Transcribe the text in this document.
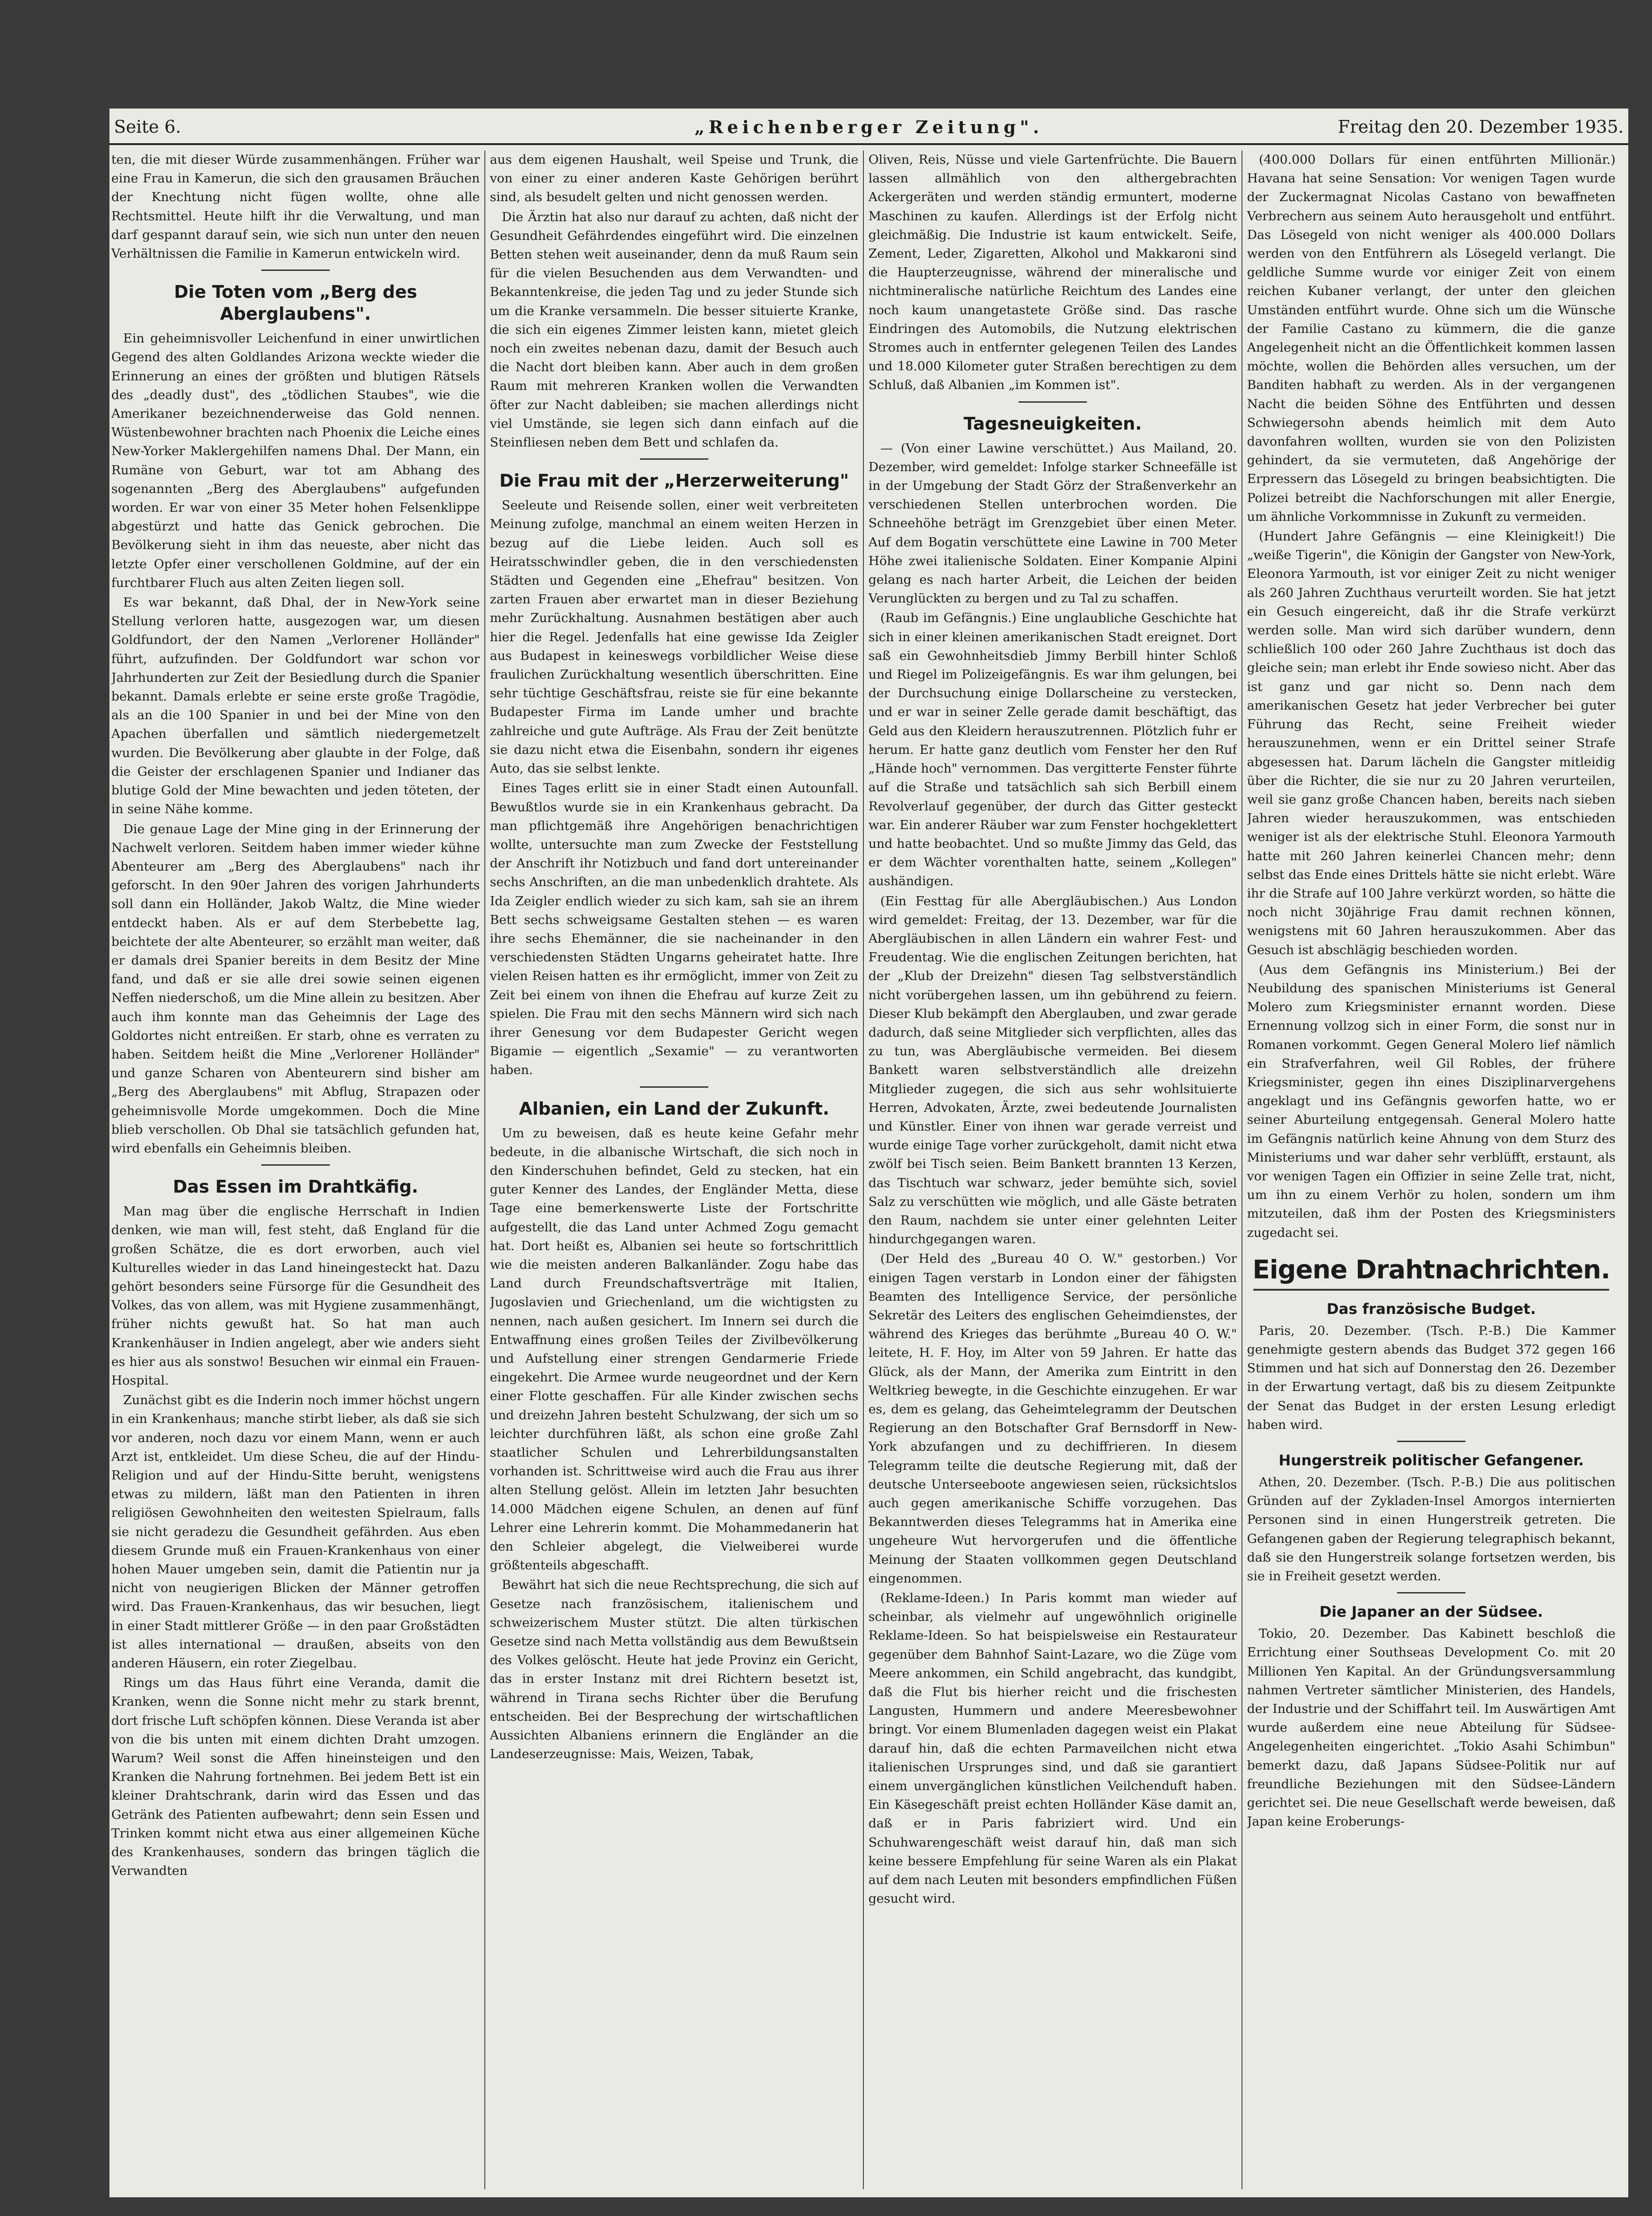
Seite 6.	„Reichenberger Zeitung".	Freitag den 20. Dezember 1935.

ten, die mit dieser Würde zusammenhängen. Früher war eine Frau in Kamerun, die sich den grausamen Bräuchen der Knechtung nicht fügen wollte, ohne alle Rechtsmittel. Heute hilft ihr die Verwaltung, und man darf gespannt darauf sein, wie sich nun unter den neuen Verhältnissen die Familie in Kamerun entwickeln wird.

Die Toten vom „Berg des Aberglaubens".

Ein geheimnisvoller Leichenfund in einer unwirtlichen Gegend des alten Goldlandes Arizona weckte wieder die Erinnerung an eines der größten und blutigen Rätsels des „deadly dust", des „tödlichen Staubes", wie die Amerikaner bezeichnenderweise das Gold nennen. Wüstenbewohner brachten nach Phoenix die Leiche eines New-Yorker Maklergehilfen namens Dhal. Der Mann, ein Rumäne von Geburt, war tot am Abhang des sogenannten „Berg des Aberglaubens" aufgefunden worden. Er war von einer 35 Meter hohen Felsenklippe abgestürzt und hatte das Genick gebrochen. Die Bevölkerung sieht in ihm das neueste, aber nicht das letzte Opfer einer verschollenen Goldmine, auf der ein furchtbarer Fluch aus alten Zeiten liegen soll.

Es war bekannt, daß Dhal, der in New-York seine Stellung verloren hatte, ausgezogen war, um diesen Goldfundort, der den Namen „Verlorener Holländer" führt, aufzufinden. Der Goldfundort war schon vor Jahrhunderten zur Zeit der Besiedlung durch die Spanier bekannt. Damals erlebte er seine erste große Tragödie, als an die 100 Spanier in und bei der Mine von den Apachen überfallen und sämtlich niedergemetzelt wurden. Die Bevölkerung aber glaubte in der Folge, daß die Geister der erschlagenen Spanier und Indianer das blutige Gold der Mine bewachten und jeden töteten, der in seine Nähe komme.

Die genaue Lage der Mine ging in der Erinnerung der Nachwelt verloren. Seitdem haben immer wieder kühne Abenteurer am „Berg des Aberglaubens" nach ihr geforscht. In den 90er Jahren des vorigen Jahrhunderts soll dann ein Holländer, Jakob Waltz, die Mine wieder entdeckt haben. Als er auf dem Sterbebette lag, beichtete der alte Abenteurer, so erzählt man weiter, daß er damals drei Spanier bereits in dem Besitz der Mine fand, und daß er sie alle drei sowie seinen eigenen Neffen niederschoß, um die Mine allein zu besitzen. Aber auch ihm konnte man das Geheimnis der Lage des Goldortes nicht entreißen. Er starb, ohne es verraten zu haben. Seitdem heißt die Mine „Verlorener Holländer" und ganze Scharen von Abenteurern sind bisher am „Berg des Aberglaubens" mit Abflug, Strapazen oder geheimnisvolle Morde umgekommen. Doch die Mine blieb verschollen. Ob Dhal sie tatsächlich gefunden hat, wird ebenfalls ein Geheimnis bleiben.

Das Essen im Drahtkäfig.

Man mag über die englische Herrschaft in Indien denken, wie man will, fest steht, daß England für die großen Schätze, die es dort erworben, auch viel Kulturelles wieder in das Land hineingesteckt hat. Dazu gehört besonders seine Fürsorge für die Gesundheit des Volkes, das von allem, was mit Hygiene zusammenhängt, früher nichts gewußt hat. So hat man auch Krankenhäuser in Indien angelegt, aber wie anders sieht es hier aus als sonstwo! Besuchen wir einmal ein Frauen-Hospital.

Zunächst gibt es die Inderin noch immer höchst ungern in ein Krankenhaus; manche stirbt lieber, als daß sie sich vor anderen, noch dazu vor einem Mann, wenn er auch Arzt ist, entkleidet. Um diese Scheu, die auf der Hindu-Religion und auf der Hindu-Sitte beruht, wenigstens etwas zu mildern, läßt man den Patienten in ihren religiösen Gewohnheiten den weitesten Spielraum, falls sie nicht geradezu die Gesundheit gefährden. Aus eben diesem Grunde muß ein Frauen-Krankenhaus von einer hohen Mauer umgeben sein, damit die Patientin nur ja nicht von neugierigen Blicken der Männer getroffen wird. Das Frauen-Krankenhaus, das wir besuchen, liegt in einer Stadt mittlerer Größe — in den paar Großstädten ist alles international — draußen, abseits von den anderen Häusern, ein roter Ziegelbau.

Rings um das Haus führt eine Veranda, damit die Kranken, wenn die Sonne nicht mehr zu stark brennt, dort frische Luft schöpfen können. Diese Veranda ist aber von die bis unten mit einem dichten Draht umzogen. Warum? Weil sonst die Affen hineinsteigen und den Kranken die Nahrung fortnehmen. Bei jedem Bett ist ein kleiner Drahtschrank, darin wird das Essen und das Getränk des Patienten aufbewahrt; denn sein Essen und Trinken kommt nicht etwa aus einer allgemeinen Küche des Krankenhauses, sondern das bringen täglich die Verwandten

aus dem eigenen Haushalt, weil Speise und Trunk, die von einer zu einer anderen Kaste Gehörigen berührt sind, als besudelt gelten und nicht genossen werden.

Die Ärztin hat also nur darauf zu achten, daß nicht der Gesundheit Gefährdendes eingeführt wird. Die einzelnen Betten stehen weit auseinander, denn da muß Raum sein für die vielen Besuchenden aus dem Verwandten- und Bekanntenkreise, die jeden Tag und zu jeder Stunde sich um die Kranke versammeln. Die besser situierte Kranke, die sich ein eigenes Zimmer leisten kann, mietet gleich noch ein zweites nebenan dazu, damit der Besuch auch die Nacht dort bleiben kann. Aber auch in dem großen Raum mit mehreren Kranken wollen die Verwandten öfter zur Nacht dableiben; sie machen allerdings nicht viel Umstände, sie legen sich dann einfach auf die Steinfliesen neben dem Bett und schlafen da.

Die Frau mit der „Herzerweiterung"

Seeleute und Reisende sollen, einer weit verbreiteten Meinung zufolge, manchmal an einem weiten Herzen in bezug auf die Liebe leiden. Auch soll es Heiratsschwindler geben, die in den verschiedensten Städten und Gegenden eine „Ehefrau" besitzen. Von zarten Frauen aber erwartet man in dieser Beziehung mehr Zurückhaltung. Ausnahmen bestätigen aber auch hier die Regel. Jedenfalls hat eine gewisse Ida Zeigler aus Budapest in keineswegs vorbildlicher Weise diese fraulichen Zurückhaltung wesentlich überschritten. Eine sehr tüchtige Geschäftsfrau, reiste sie für eine bekannte Budapester Firma im Lande umher und brachte zahlreiche und gute Aufträge. Als Frau der Zeit benützte sie dazu nicht etwa die Eisenbahn, sondern ihr eigenes Auto, das sie selbst lenkte.

Eines Tages erlitt sie in einer Stadt einen Autounfall. Bewußtlos wurde sie in ein Krankenhaus gebracht. Da man pflichtgemäß ihre Angehörigen benachrichtigen wollte, untersuchte man zum Zwecke der Feststellung der Anschrift ihr Notizbuch und fand dort untereinander sechs Anschriften, an die man unbedenklich drahtete. Als Ida Zeigler endlich wieder zu sich kam, sah sie an ihrem Bett sechs schweigsame Gestalten stehen — es waren ihre sechs Ehemänner, die sie nacheinander in den verschiedensten Städten Ungarns geheiratet hatte. Ihre vielen Reisen hatten es ihr ermöglicht, immer von Zeit zu Zeit bei einem von ihnen die Ehefrau auf kurze Zeit zu spielen. Die Frau mit den sechs Männern wird sich nach ihrer Genesung vor dem Budapester Gericht wegen Bigamie — eigentlich „Sexamie" — zu verantworten haben.

Albanien, ein Land der Zukunft.

Um zu beweisen, daß es heute keine Gefahr mehr bedeute, in die albanische Wirtschaft, die sich noch in den Kinderschuhen befindet, Geld zu stecken, hat ein guter Kenner des Landes, der Engländer Metta, diese Tage eine bemerkenswerte Liste der Fortschritte aufgestellt, die das Land unter Achmed Zogu gemacht hat. Dort heißt es, Albanien sei heute so fortschrittlich wie die meisten anderen Balkanländer. Zogu habe das Land durch Freundschaftsverträge mit Italien, Jugoslavien und Griechenland, um die wichtigsten zu nennen, nach außen gesichert. Im Innern sei durch die Entwaffnung eines großen Teiles der Zivilbevölkerung und Aufstellung einer strengen Gendarmerie Friede eingekehrt. Die Armee wurde neugeordnet und der Kern einer Flotte geschaffen. Für alle Kinder zwischen sechs und dreizehn Jahren besteht Schulzwang, der sich um so leichter durchführen läßt, als schon eine große Zahl staatlicher Schulen und Lehrerbildungsanstalten vorhanden ist. Schrittweise wird auch die Frau aus ihrer alten Stellung gelöst. Allein im letzten Jahr besuchten 14.000 Mädchen eigene Schulen, an denen auf fünf Lehrer eine Lehrerin kommt. Die Mohammedanerin hat den Schleier abgelegt, die Vielweiberei wurde größtenteils abgeschafft.

Bewährt hat sich die neue Rechtsprechung, die sich auf Gesetze nach französischem, italienischem und schweizerischem Muster stützt. Die alten türkischen Gesetze sind nach Metta vollständig aus dem Bewußtsein des Volkes gelöscht. Heute hat jede Provinz ein Gericht, das in erster Instanz mit drei Richtern besetzt ist, während in Tirana sechs Richter über die Berufung entscheiden. Bei der Besprechung der wirtschaftlichen Aussichten Albaniens erinnern die Engländer an die Landeserzeugnisse: Mais, Weizen, Tabak,

Oliven, Reis, Nüsse und viele Gartenfrüchte. Die Bauern lassen allmählich von den althergebrachten Ackergeräten und werden ständig ermuntert, moderne Maschinen zu kaufen. Allerdings ist der Erfolg nicht gleichmäßig. Die Industrie ist kaum entwickelt. Seife, Zement, Leder, Zigaretten, Alkohol und Makkaroni sind die Haupterzeugnisse, während der mineralische und nichtmineralische natürliche Reichtum des Landes eine noch kaum unangetastete Größe sind. Das rasche Eindringen des Automobils, die Nutzung elektrischen Stromes auch in entfernter gelegenen Teilen des Landes und 18.000 Kilometer guter Straßen berechtigen zu dem Schluß, daß Albanien „im Kommen ist".

Tagesneuigkeiten.

— (Von einer Lawine verschüttet.) Aus Mailand, 20. Dezember, wird gemeldet: Infolge starker Schneefälle ist in der Umgebung der Stadt Görz der Straßenverkehr an verschiedenen Stellen unterbrochen worden. Die Schneehöhe beträgt im Grenzgebiet über einen Meter. Auf dem Bogatin verschüttete eine Lawine in 700 Meter Höhe zwei italienische Soldaten. Einer Kompanie Alpini gelang es nach harter Arbeit, die Leichen der beiden Verunglückten zu bergen und zu Tal zu schaffen.

(Raub im Gefängnis.) Eine unglaubliche Geschichte hat sich in einer kleinen amerikanischen Stadt ereignet. Dort saß ein Gewohnheitsdieb Jimmy Berbill hinter Schloß und Riegel im Polizeigefängnis. Es war ihm gelungen, bei der Durchsuchung einige Dollarscheine zu verstecken, und er war in seiner Zelle gerade damit beschäftigt, das Geld aus den Kleidern herauszutrennen. Plötzlich fuhr er herum. Er hatte ganz deutlich vom Fenster her den Ruf „Hände hoch" vernommen. Das vergitterte Fenster führte auf die Straße und tatsächlich sah sich Berbill einem Revolverlauf gegenüber, der durch das Gitter gesteckt war. Ein anderer Räuber war zum Fenster hochgeklettert und hatte beobachtet. Und so mußte Jimmy das Geld, das er dem Wächter vorenthalten hatte, seinem „Kollegen" aushändigen.

(Ein Festtag für alle Abergläubischen.) Aus London wird gemeldet: Freitag, der 13. Dezember, war für die Abergläubischen in allen Ländern ein wahrer Fest- und Freudentag. Wie die englischen Zeitungen berichten, hat der „Klub der Dreizehn" diesen Tag selbstverständlich nicht vorübergehen lassen, um ihn gebührend zu feiern. Dieser Klub bekämpft den Aberglauben, und zwar gerade dadurch, daß seine Mitglieder sich verpflichten, alles das zu tun, was Abergläubische vermeiden. Bei diesem Bankett waren selbstverständlich alle dreizehn Mitglieder zugegen, die sich aus sehr wohlsituierte Herren, Advokaten, Ärzte, zwei bedeutende Journalisten und Künstler. Einer von ihnen war gerade verreist und wurde einige Tage vorher zurückgeholt, damit nicht etwa zwölf bei Tisch seien. Beim Bankett brannten 13 Kerzen, das Tischtuch war schwarz, jeder bemühte sich, soviel Salz zu verschütten wie möglich, und alle Gäste betraten den Raum, nachdem sie unter einer gelehnten Leiter hindurchgegangen waren.

(Der Held des „Bureau 40 O. W." gestorben.) Vor einigen Tagen verstarb in London einer der fähigsten Beamten des Intelligence Service, der persönliche Sekretär des Leiters des englischen Geheimdienstes, der während des Krieges das berühmte „Bureau 40 O. W." leitete, H. F. Hoy, im Alter von 59 Jahren. Er hatte das Glück, als der Mann, der Amerika zum Eintritt in den Weltkrieg bewegte, in die Geschichte einzugehen. Er war es, dem es gelang, das Geheimtelegramm der Deutschen Regierung an den Botschafter Graf Bernsdorff in New-York abzufangen und zu dechiffrieren. In diesem Telegramm teilte die deutsche Regierung mit, daß der deutsche Unterseeboote angewiesen seien, rücksichtslos auch gegen amerikanische Schiffe vorzugehen. Das Bekanntwerden dieses Telegramms hat in Amerika eine ungeheure Wut hervorgerufen und die öffentliche Meinung der Staaten vollkommen gegen Deutschland eingenommen.

(Reklame-Ideen.) In Paris kommt man wieder auf scheinbar, als vielmehr auf ungewöhnlich originelle Reklame-Ideen. So hat beispielsweise ein Restaurateur gegenüber dem Bahnhof Saint-Lazare, wo die Züge vom Meere ankommen, ein Schild angebracht, das kundgibt, daß die Flut bis hierher reicht und die frischesten Langusten, Hummern und andere Meeresbewohner bringt. Vor einem Blumenladen dagegen weist ein Plakat darauf hin, daß die echten Parmaveilchen nicht etwa italienischen Ursprunges sind, und daß sie garantiert einem unvergänglichen künstlichen Veilchenduft haben. Ein Käsegeschäft preist echten Holländer Käse damit an, daß er in Paris fabriziert wird. Und ein Schuhwarengeschäft weist darauf hin, daß man sich keine bessere Empfehlung für seine Waren als ein Plakat auf dem nach Leuten mit besonders empfindlichen Füßen gesucht wird.

(400.000 Dollars für einen entführten Millionär.) Havana hat seine Sensation: Vor wenigen Tagen wurde der Zuckermagnat Nicolas Castano von bewaffneten Verbrechern aus seinem Auto herausgeholt und entführt. Das Lösegeld von nicht weniger als 400.000 Dollars werden von den Entführern als Lösegeld verlangt. Die geldliche Summe wurde vor einiger Zeit von einem reichen Kubaner verlangt, der unter den gleichen Umständen entführt wurde. Ohne sich um die Wünsche der Familie Castano zu kümmern, die die ganze Angelegenheit nicht an die Öffentlichkeit kommen lassen möchte, wollen die Behörden alles versuchen, um der Banditen habhaft zu werden. Als in der vergangenen Nacht die beiden Söhne des Entführten und dessen Schwiegersohn abends heimlich mit dem Auto davonfahren wollten, wurden sie von den Polizisten gehindert, da sie vermuteten, daß Angehörige der Erpressern das Lösegeld zu bringen beabsichtigten. Die Polizei betreibt die Nachforschungen mit aller Energie, um ähnliche Vorkommnisse in Zukunft zu vermeiden.

(Hundert Jahre Gefängnis — eine Kleinigkeit!) Die „weiße Tigerin", die Königin der Gangster von New-York, Eleonora Yarmouth, ist vor einiger Zeit zu nicht weniger als 260 Jahren Zuchthaus verurteilt worden. Sie hat jetzt ein Gesuch eingereicht, daß ihr die Strafe verkürzt werden solle. Man wird sich darüber wundern, denn schließlich 100 oder 260 Jahre Zuchthaus ist doch das gleiche sein; man erlebt ihr Ende sowieso nicht. Aber das ist ganz und gar nicht so. Denn nach dem amerikanischen Gesetz hat jeder Verbrecher bei guter Führung das Recht, seine Freiheit wieder herauszunehmen, wenn er ein Drittel seiner Strafe abgesessen hat. Darum lächeln die Gangster mitleidig über die Richter, die sie nur zu 20 Jahren verurteilen, weil sie ganz große Chancen haben, bereits nach sieben Jahren wieder herauszukommen, was entschieden weniger ist als der elektrische Stuhl. Eleonora Yarmouth hatte mit 260 Jahren keinerlei Chancen mehr; denn selbst das Ende eines Drittels hätte sie nicht erlebt. Wäre ihr die Strafe auf 100 Jahre verkürzt worden, so hätte die noch nicht 30jährige Frau damit rechnen können, wenigstens mit 60 Jahren herauszukommen. Aber das Gesuch ist abschlägig beschieden worden.

(Aus dem Gefängnis ins Ministerium.) Bei der Neubildung des spanischen Ministeriums ist General Molero zum Kriegsminister ernannt worden. Diese Ernennung vollzog sich in einer Form, die sonst nur in Romanen vorkommt. Gegen General Molero lief nämlich ein Strafverfahren, weil Gil Robles, der frühere Kriegsminister, gegen ihn eines Disziplinarvergehens angeklagt und ins Gefängnis geworfen hatte, wo er seiner Aburteilung entgegensah. General Molero hatte im Gefängnis natürlich keine Ahnung von dem Sturz des Ministeriums und war daher sehr verblüfft, erstaunt, als vor wenigen Tagen ein Offizier in seine Zelle trat, nicht, um ihn zu einem Verhör zu holen, sondern um ihm mitzuteilen, daß ihm der Posten des Kriegsministers zugedacht sei.

Eigene Drahtnachrichten.
Das französische Budget.

Paris, 20. Dezember. (Tsch. P.-B.) Die Kammer genehmigte gestern abends das Budget 372 gegen 166 Stimmen und hat sich auf Donnerstag den 26. Dezember in der Erwartung vertagt, daß bis zu diesem Zeitpunkte der Senat das Budget in der ersten Lesung erledigt haben wird.

Hungerstreik politischer Gefangener.

Athen, 20. Dezember. (Tsch. P.-B.) Die aus politischen Gründen auf der Zykladen-Insel Amorgos internierten Personen sind in einen Hungerstreik getreten. Die Gefangenen gaben der Regierung telegraphisch bekannt, daß sie den Hungerstreik solange fortsetzen werden, bis sie in Freiheit gesetzt werden.

Die Japaner an der Südsee.

Tokio, 20. Dezember. Das Kabinett beschloß die Errichtung einer Southseas Development Co. mit 20 Millionen Yen Kapital. An der Gründungsversammlung nahmen Vertreter sämtlicher Ministerien, des Handels, der Industrie und der Schiffahrt teil. Im Auswärtigen Amt wurde außerdem eine neue Abteilung für Südsee-Angelegenheiten eingerichtet. „Tokio Asahi Schimbun" bemerkt dazu, daß Japans Südsee-Politik nur auf freundliche Beziehungen mit den Südsee-Ländern gerichtet sei. Die neue Gesellschaft werde beweisen, daß Japan keine Eroberungs-
